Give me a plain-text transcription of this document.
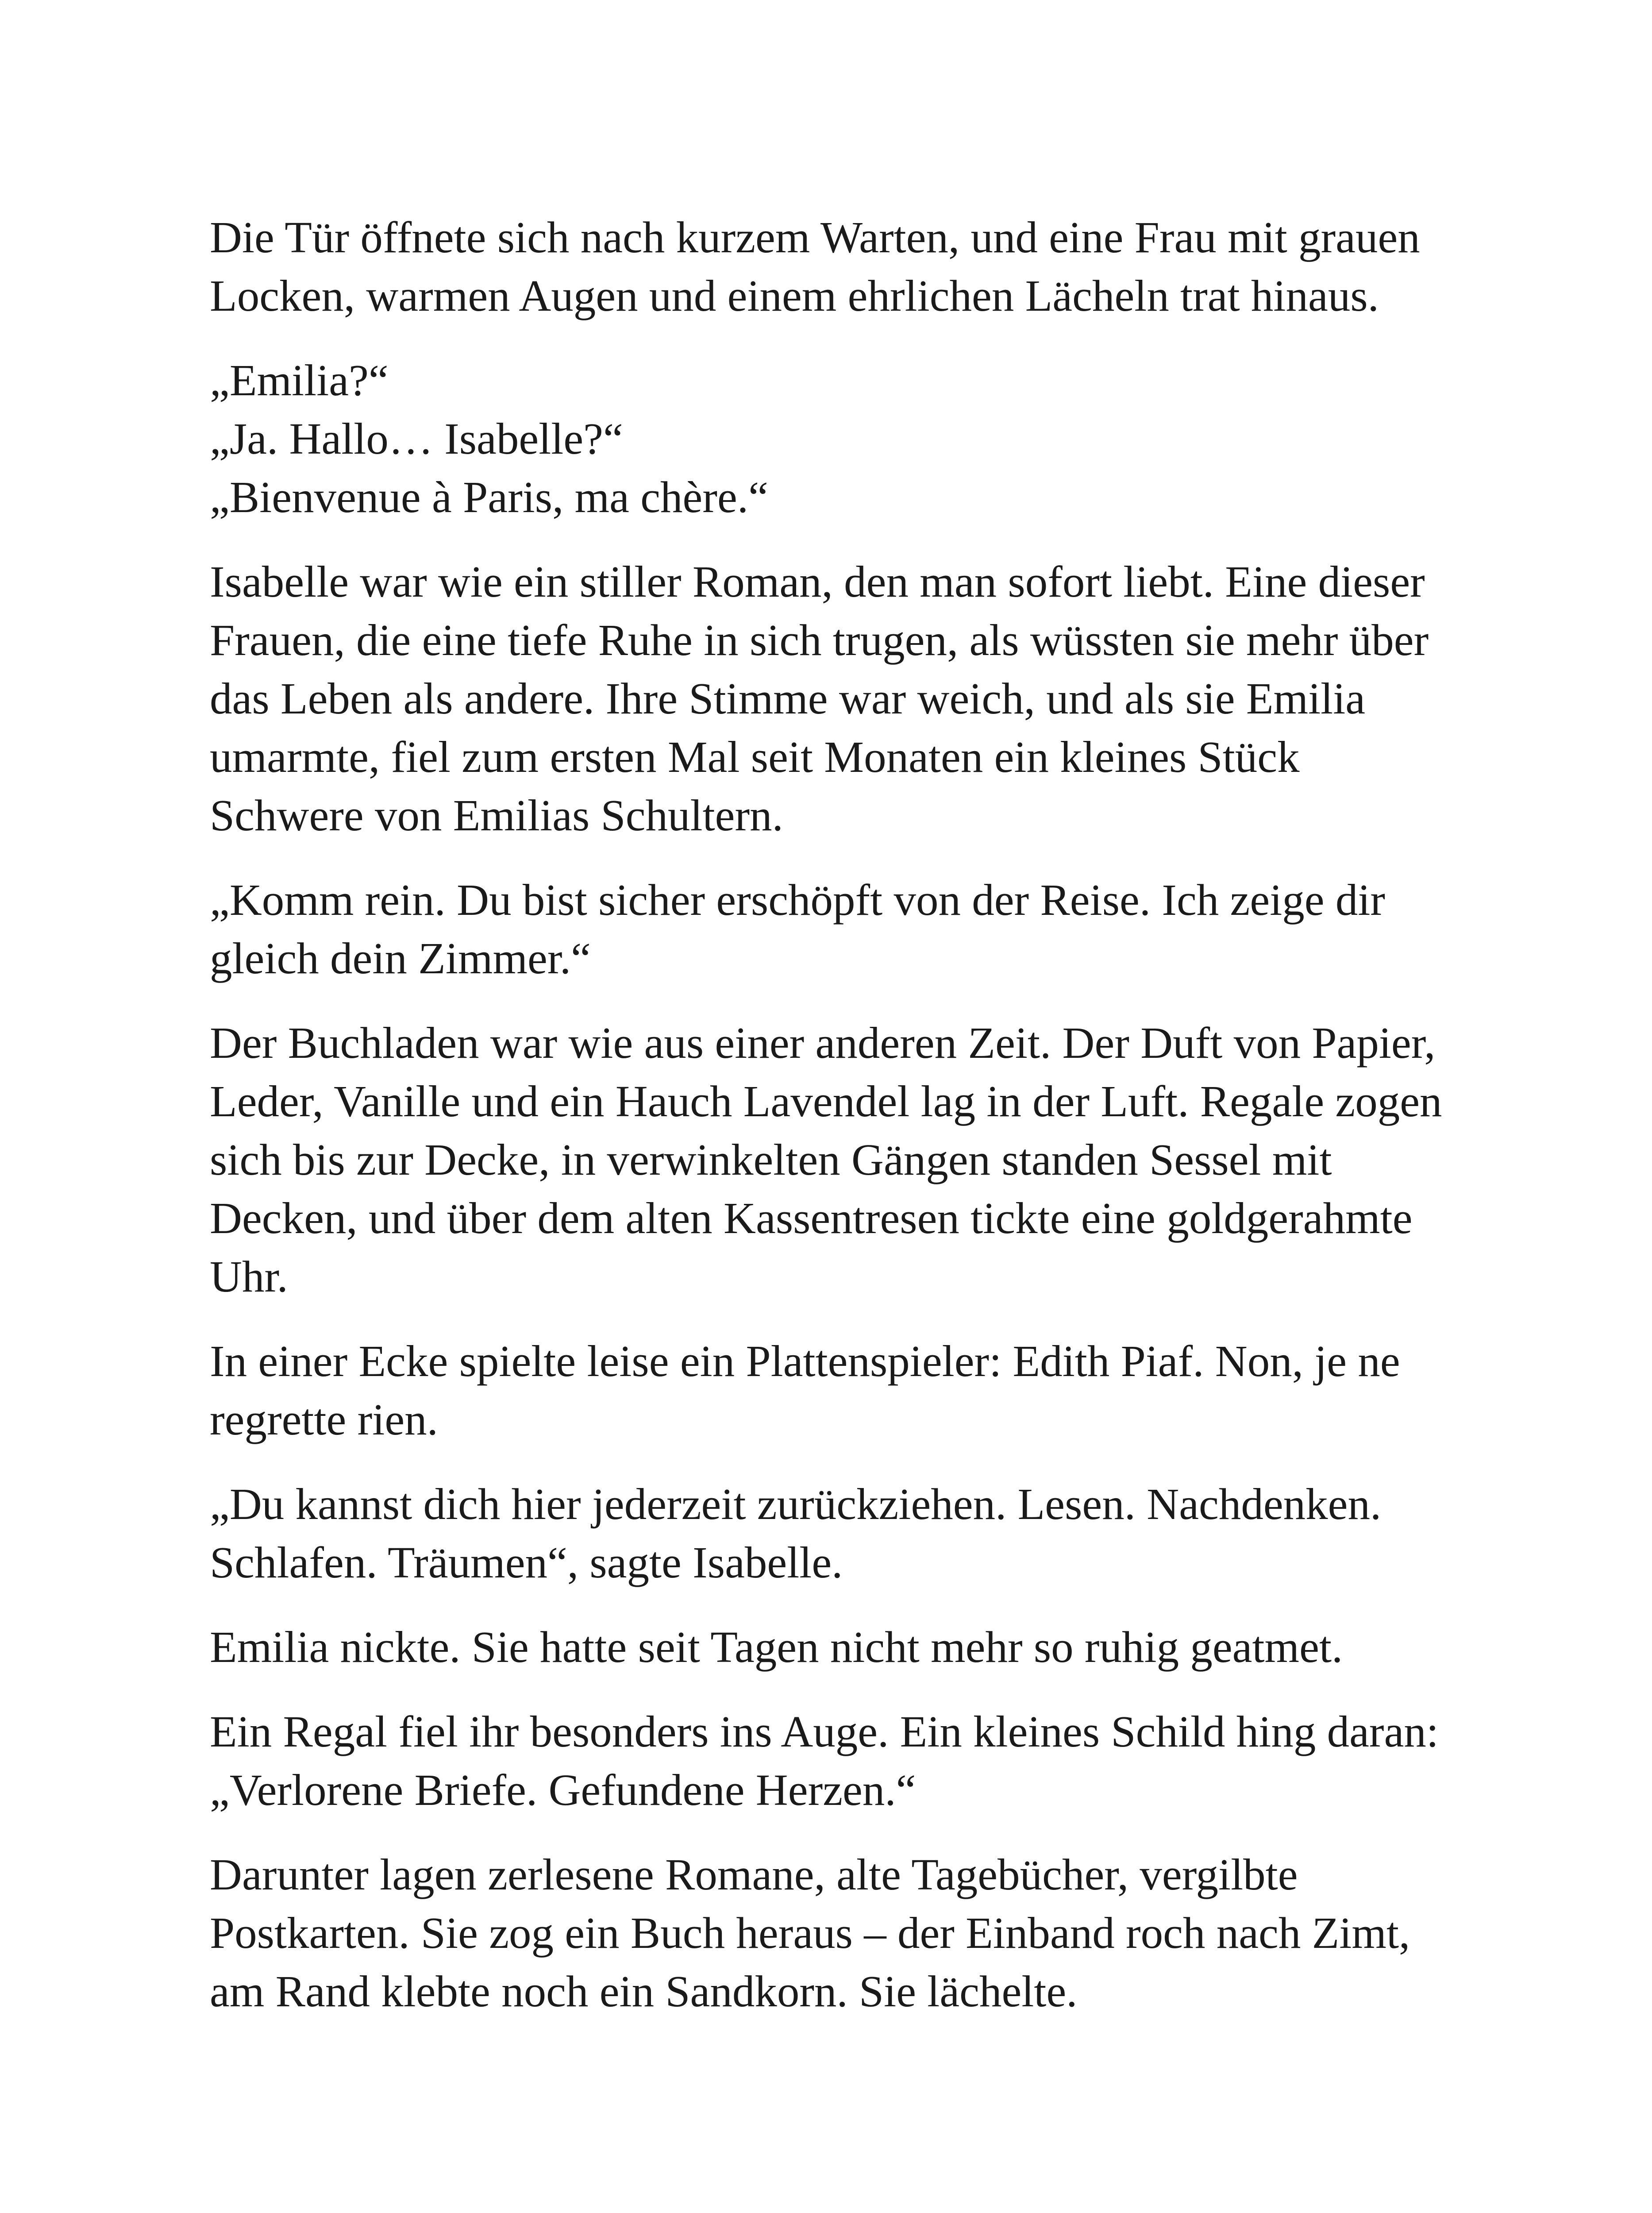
Die Tür öffnete sich nach kurzem Warten, und eine Frau mit grauen
Locken, warmen Augen und einem ehrlichen Lächeln trat hinaus.

„Emilia?“
„Ja. Hallo… Isabelle?“
„Bienvenue à Paris, ma chère.“

Isabelle war wie ein stiller Roman, den man sofort liebt. Eine dieser
Frauen, die eine tiefe Ruhe in sich trugen, als wüssten sie mehr über
das Leben als andere. Ihre Stimme war weich, und als sie Emilia
umarmte, fiel zum ersten Mal seit Monaten ein kleines Stück
Schwere von Emilias Schultern.

„Komm rein. Du bist sicher erschöpft von der Reise. Ich zeige dir
gleich dein Zimmer.“

Der Buchladen war wie aus einer anderen Zeit. Der Duft von Papier,
Leder, Vanille und ein Hauch Lavendel lag in der Luft. Regale zogen
sich bis zur Decke, in verwinkelten Gängen standen Sessel mit
Decken, und über dem alten Kassentresen tickte eine goldgerahmte
Uhr.

In einer Ecke spielte leise ein Plattenspieler: Edith Piaf. Non, je ne
regrette rien.

„Du kannst dich hier jederzeit zurückziehen. Lesen. Nachdenken.
Schlafen. Träumen“, sagte Isabelle.

Emilia nickte. Sie hatte seit Tagen nicht mehr so ruhig geatmet.

Ein Regal fiel ihr besonders ins Auge. Ein kleines Schild hing daran:
„Verlorene Briefe. Gefundene Herzen.“

Darunter lagen zerlesene Romane, alte Tagebücher, vergilbte
Postkarten. Sie zog ein Buch heraus – der Einband roch nach Zimt,
am Rand klebte noch ein Sandkorn. Sie lächelte.
